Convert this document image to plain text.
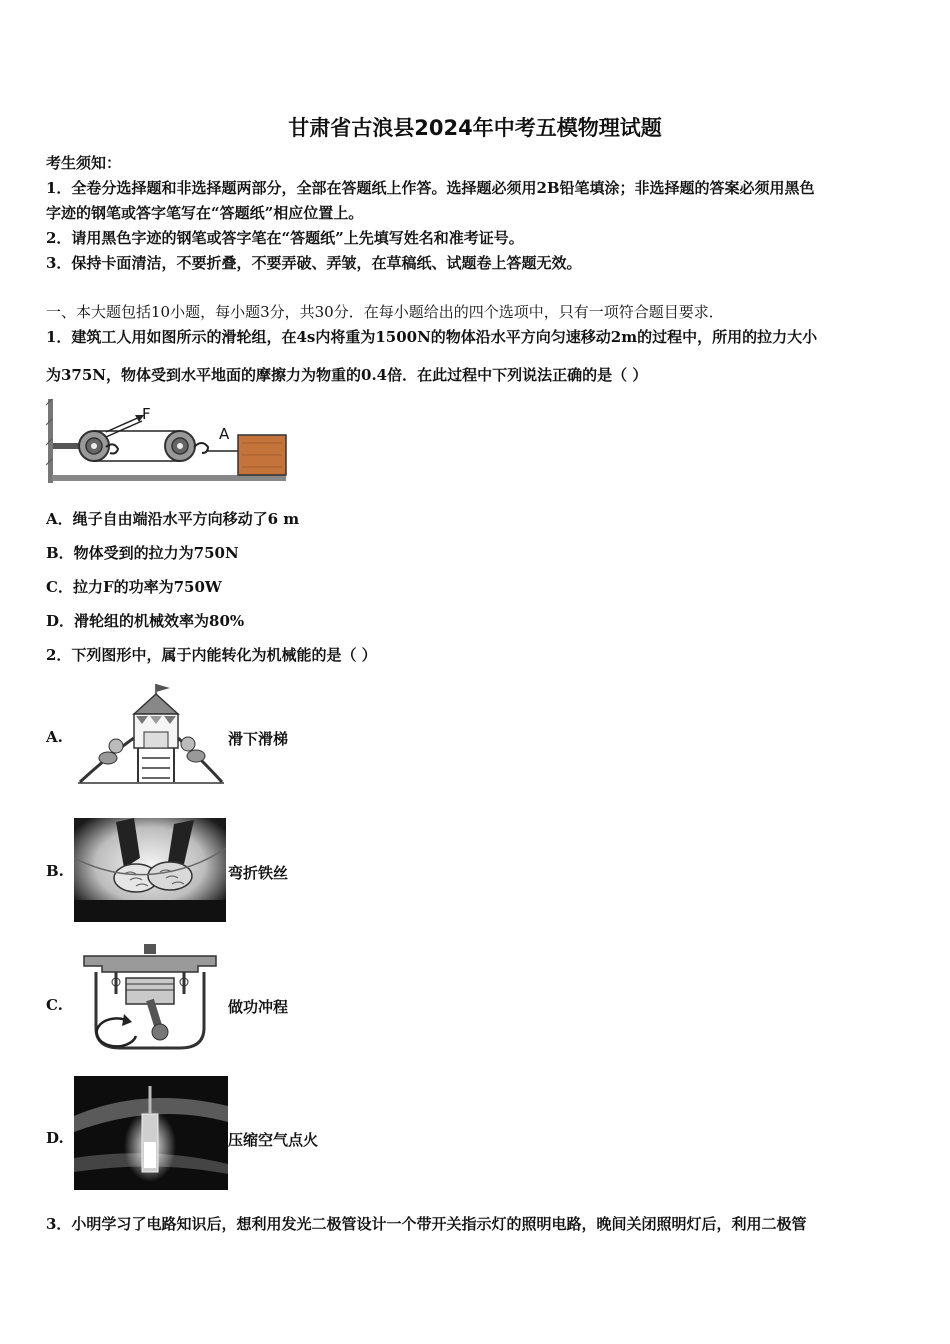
甘肃省古浪县2024年中考五模物理试题
考生须知：
1．全卷分选择题和非选择题两部分，全部在答题纸上作答。选择题必须用2B铅笔填涂；非选择题的答案必须用黑色
字迹的钢笔或答字笔写在“答题纸”相应位置上。
2．请用黑色字迹的钢笔或答字笔在“答题纸”上先填写姓名和准考证号。
3．保持卡面清洁，不要折叠，不要弄破、弄皱，在草稿纸、试题卷上答题无效。
一、本大题包括10小题，每小题3分，共30分．在每小题给出的四个选项中，只有一项符合题目要求．
1．建筑工人用如图所示的滑轮组，在4s内将重为1500N的物体沿水平方向匀速移动2m的过程中，所用的拉力大小
为375N，物体受到水平地面的摩擦力为物重的0.4倍．在此过程中下列说法正确的是（ ）
F
A
A．绳子自由端沿水平方向移动了6 m
B．物体受到的拉力为750N
C．拉力F的功率为750W
D．滑轮组的机械效率为80%
2．下列图形中，属于内能转化为机械能的是（ ）
A.	滑下滑梯
B.	弯折铁丝
C.	做功冲程
D.	压缩空气点火
3．小明学习了电路知识后，想利用发光二极管设计一个带开关指示灯的照明电路，晚间关闭照明灯后，利用二极管
